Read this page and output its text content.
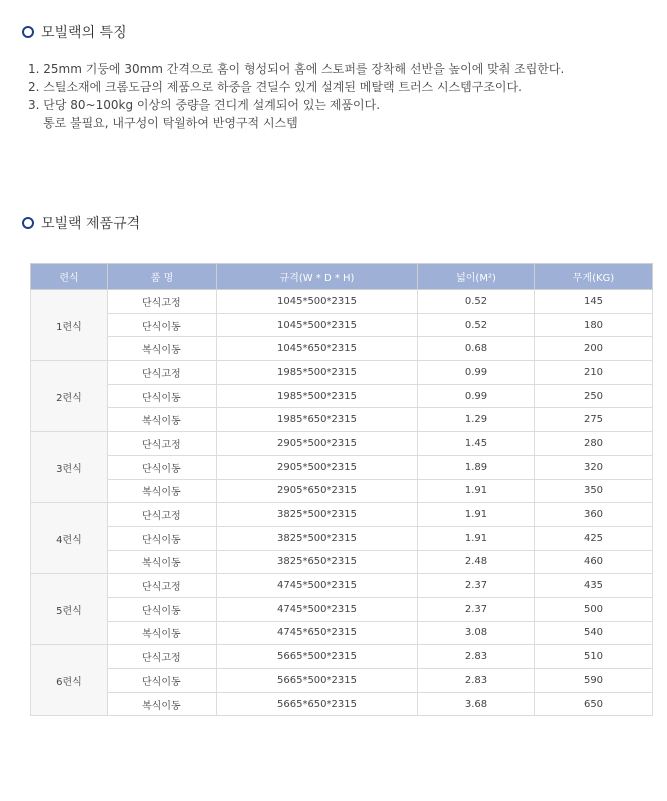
모빌랙의 특징
1. 25mm 기둥에 30mm 간격으로 홈이 형성되어 홈에 스토퍼를 장착해 선반을 높이에 맞춰 조립한다.
2. 스틸소재에 크롬도금의 제품으로 하중을 견딜수 있게 설계된 메탈랙 트러스 시스템구조이다.
3. 단당 80~100kg 이상의 중량을 견디게 설계되어 있는 제품이다.
통로 불필요, 내구성이 탁월하여 반영구적 시스템
모빌랙 제품규격
련식	품 명	규격(W * D * H)	넓이(M²)	무게(KG)
1련식	단식고정	1045*500*2315	0.52	145
	단식이동	1045*500*2315	0.52	180
	복식이동	1045*650*2315	0.68	200
2련식	단식고정	1985*500*2315	0.99	210
	단식이동	1985*500*2315	0.99	250
	복식이동	1985*650*2315	1.29	275
3련식	단식고정	2905*500*2315	1.45	280
	단식이동	2905*500*2315	1.89	320
	복식이동	2905*650*2315	1.91	350
4련식	단식고정	3825*500*2315	1.91	360
	단식이동	3825*500*2315	1.91	425
	복식이동	3825*650*2315	2.48	460
5련식	단식고정	4745*500*2315	2.37	435
	단식이동	4745*500*2315	2.37	500
	복식이동	4745*650*2315	3.08	540
6련식	단식고정	5665*500*2315	2.83	510
	단식이동	5665*500*2315	2.83	590
	복식이동	5665*650*2315	3.68	650
